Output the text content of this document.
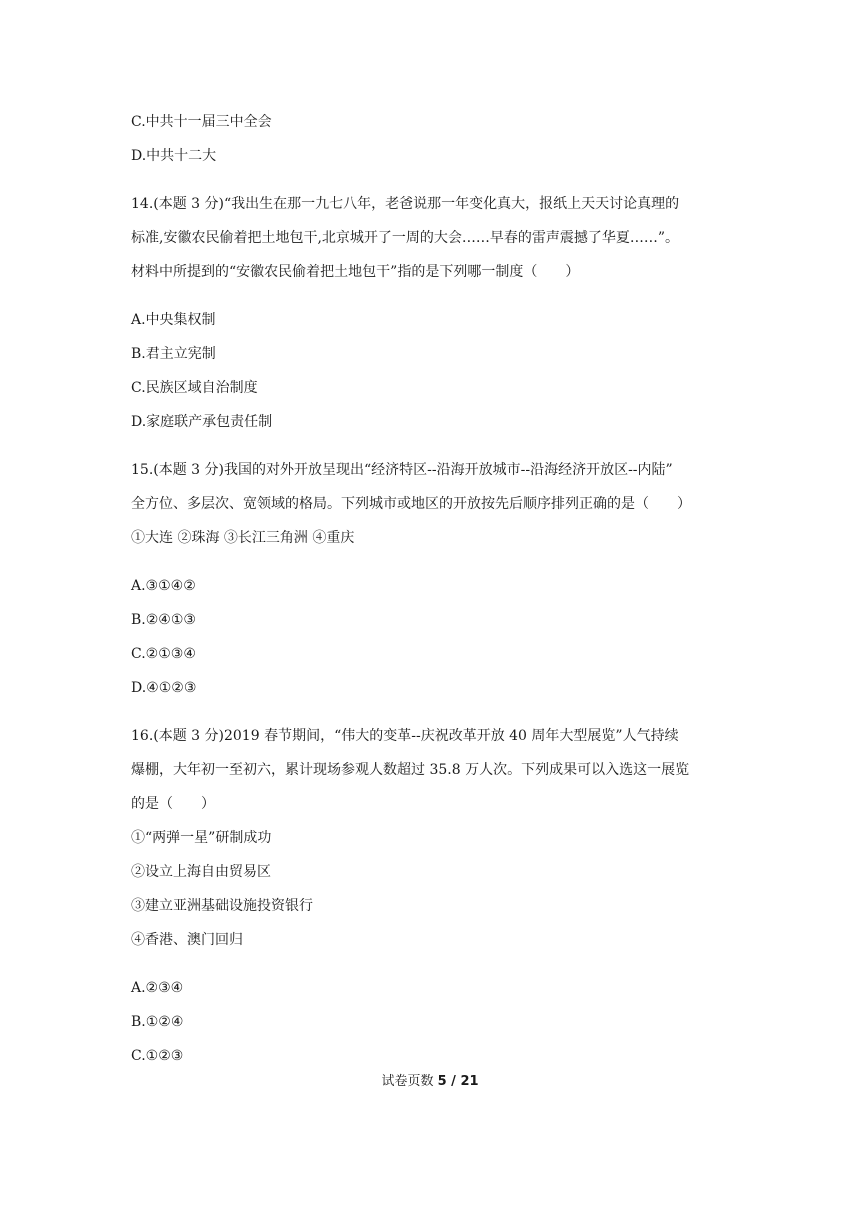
C.中共十一届三中全会
D.中共十二大
14.(本题 3 分)“我出生在那一九七八年，老爸说那一年变化真大，报纸上天天讨论真理的
标准,安徽农民偷着把土地包干,北京城开了一周的大会……早春的雷声震撼了华夏……”。
材料中所提到的“安徽农民偷着把土地包干”指的是下列哪一制度（　　）
A.中央集权制
B.君主立宪制
C.民族区域自治制度
D.家庭联产承包责任制
15.(本题 3 分)我国的对外开放呈现出“经济特区--沿海开放城市--沿海经济开放区--内陆”
全方位、多层次、宽领域的格局。下列城市或地区的开放按先后顺序排列正确的是（　　）
①大连 ②珠海 ③长江三角洲 ④重庆
A.③①④②
B.②④①③
C.②①③④
D.④①②③
16.(本题 3 分)2019 春节期间，“伟大的变革--庆祝改革开放 40 周年大型展览”人气持续
爆棚，大年初一至初六，累计现场参观人数超过 35.8 万人次。下列成果可以入选这一展览
的是（　　）
①“两弹一星”研制成功
②设立上海自由贸易区
③建立亚洲基础设施投资银行
④香港、澳门回归
A.②③④
B.①②④
C.①②③
试卷页数 5 / 21
